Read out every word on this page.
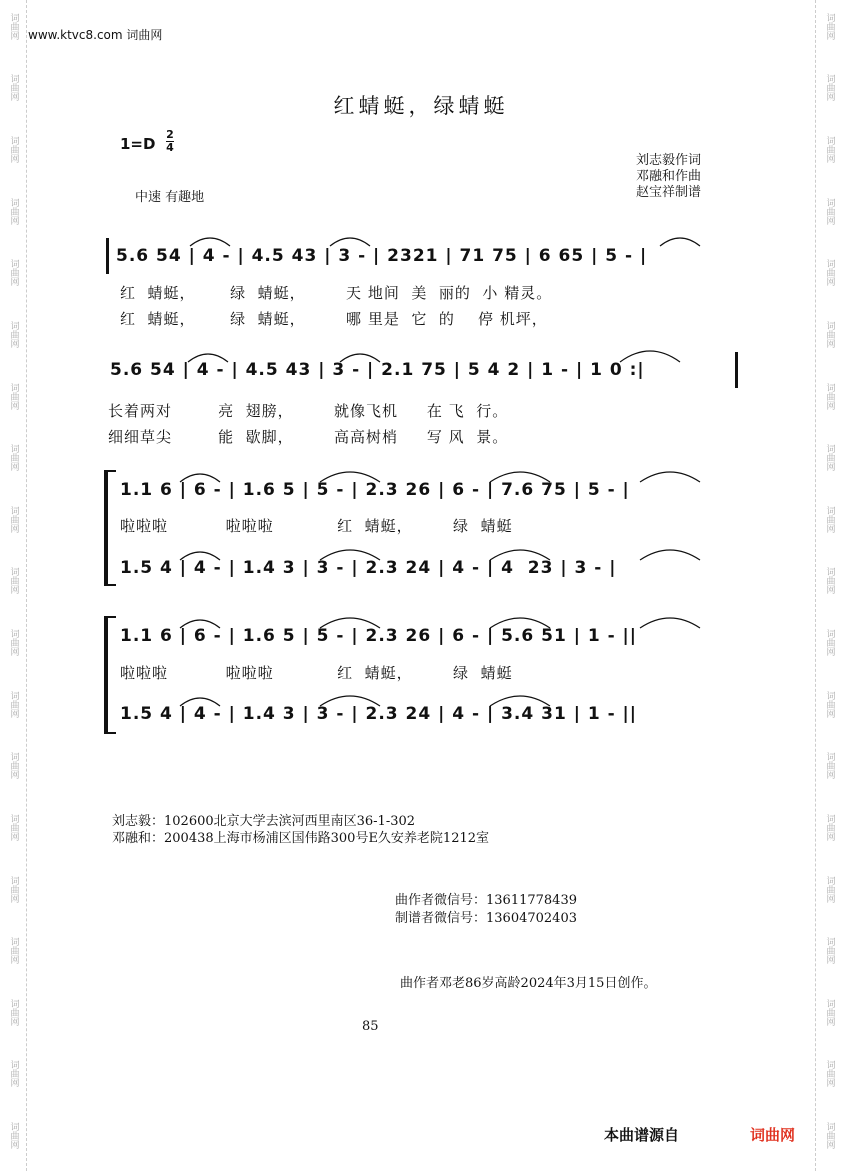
词曲网
词曲网
词曲网
词曲网
词曲网
词曲网
词曲网
词曲网
词曲网
词曲网
词曲网
词曲网
词曲网
词曲网
词曲网
词曲网
词曲网
词曲网
词曲网
词曲网
词曲网
词曲网
词曲网
词曲网
词曲网
词曲网
词曲网
词曲网
词曲网
词曲网
词曲网
词曲网
词曲网
词曲网
词曲网
词曲网
词曲网
词曲网
www.ktvc8.com 词曲网
红蜻蜓，绿蜻蜓
1=D
2
4
中速 有趣地
刘志毅作词
邓融和作曲
赵宝祥制谱
5.6 54 | 4 - | 4.5 43 | 3 - | 2321 | 71 75 | 6 65 | 5 - |
红  蜻蜓，      绿  蜻蜓，       天 地间  美  丽的  小 精灵。
红  蜻蜓，      绿  蜻蜓，       哪 里是  它  的    停 机坪，
5.6 54 | 4 - | 4.5 43 | 3 - | 2.1 75 | 5 4 2 | 1 - | 1 0 :|
长着两对        亮  翅膀，       就像飞机     在 飞  行。
细细草尖        能  歇脚，       高高树梢     写 风  景。
1.1 6 | 6 - | 1.6 5 | 5 - | 2.3 26 | 6 - | 7.6 75 | 5 - |
啦啦啦          啦啦啦           红  蜻蜓，       绿  蜻蜓
1.5 4 | 4 - | 1.4 3 | 3 - | 2.3 24 | 4 - | 4  23 | 3 - |
1.1 6 | 6 - | 1.6 5 | 5 - | 2.3 26 | 6 - | 5.6 51 | 1 - ||
啦啦啦          啦啦啦           红  蜻蜓，       绿  蜻蜓
1.5 4 | 4 - | 1.4 3 | 3 - | 2.3 24 | 4 - | 3.4 31 | 1 - ||
刘志毅：102600北京大学去滨河西里南区36-1-302
邓融和：200438上海市杨浦区国伟路300号E久安养老院1212室
曲作者微信号：13611778439
制谱者微信号：13604702403
曲作者邓老86岁高龄2024年3月15日创作。
85
本曲谱源自	词曲网
